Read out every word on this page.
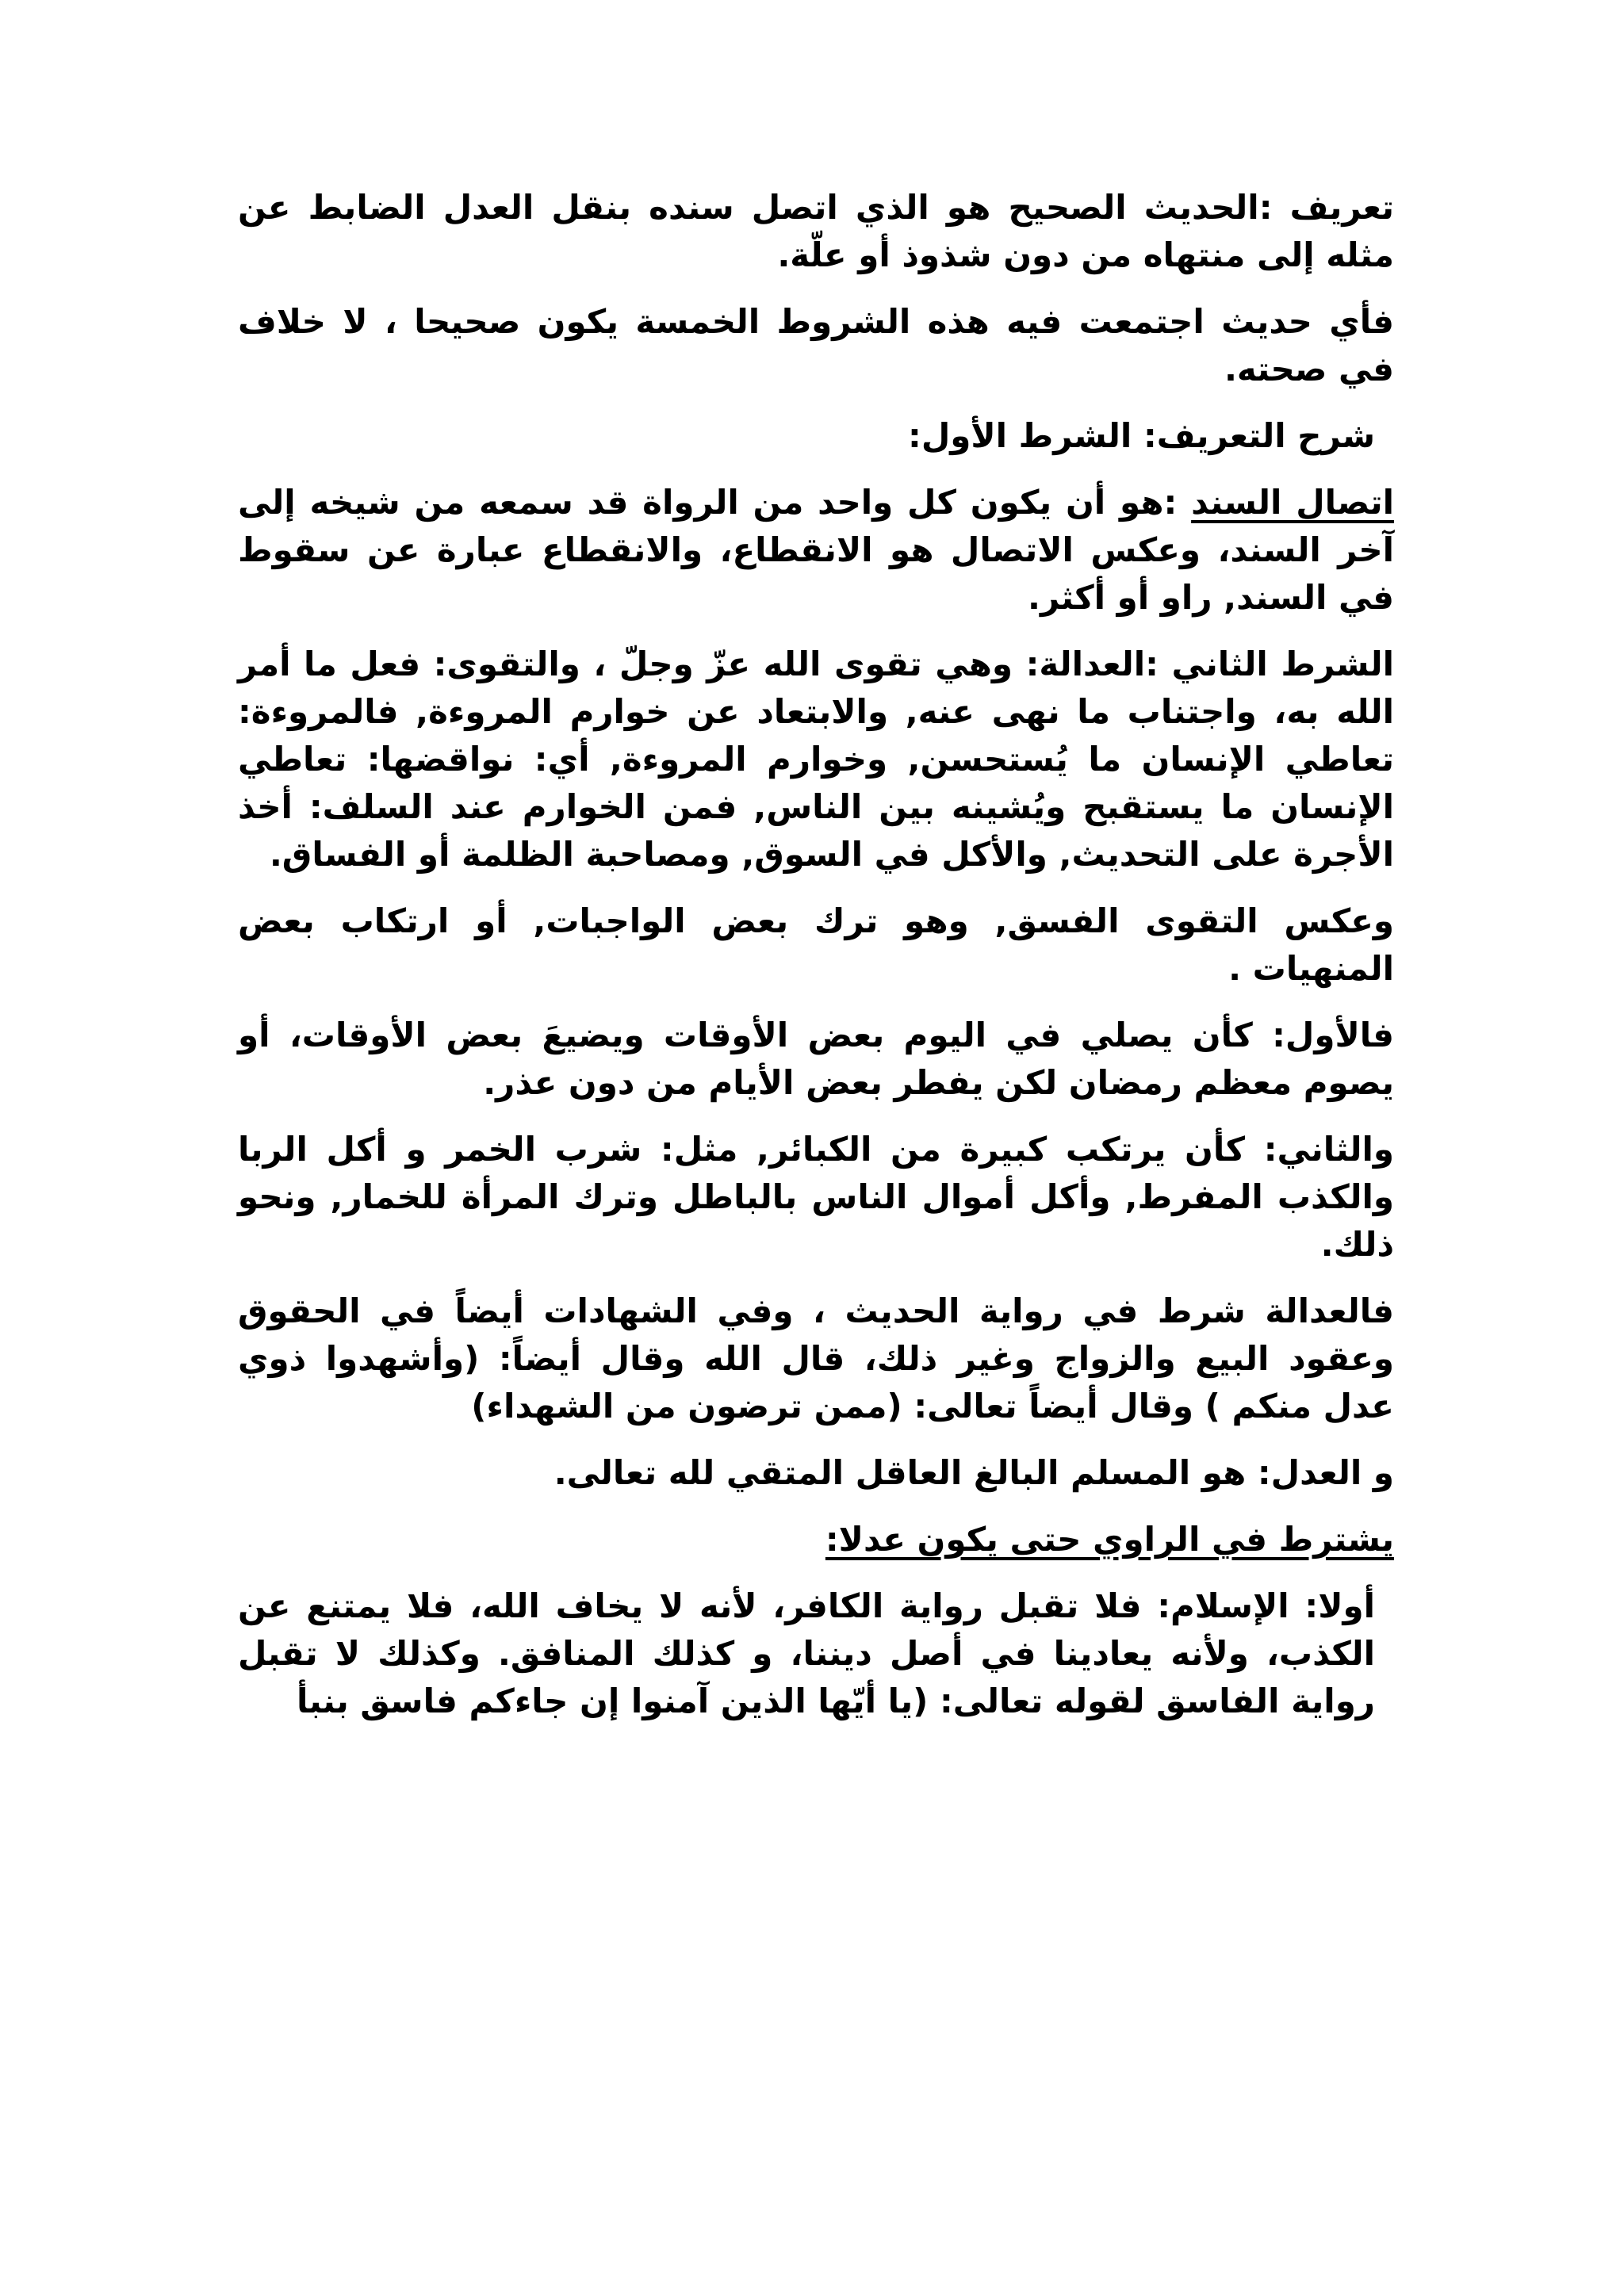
تعريف :الحديث الصحيح هو الذي اتصل سنده بنقل العدل الضابط عن مثله إلى منتهاه من دون شذوذ أو علّة.

فأي حديث اجتمعت فيه هذه الشروط الخمسة يكون صحيحا ، لا خلاف في صحته.

شرح التعريف: الشرط الأول:

اتصال السند :هو أن يكون كل واحد من الرواة قد سمعه من شيخه إلى آخر السند، وعكس الاتصال هو الانقطاع، والانقطاع عبارة عن سقوط في السند, راو أو أكثر.

الشرط الثاني :العدالة: وهي تقوى الله عزّ وجلّ ، والتقوى: فعل ما أمر الله به، واجتناب ما نهى عنه, والابتعاد عن خوارم المروءة, فالمروءة: تعاطي الإنسان ما يُستحسن, وخوارم المروءة, أي: نواقضها: تعاطي الإنسان ما يستقبح ويُشينه بين الناس, فمن الخوارم عند السلف: أخذ الأجرة على التحديث, والأكل في السوق, ومصاحبة الظلمة أو الفساق.

وعكس التقوى الفسق, وهو ترك بعض الواجبات, أو ارتكاب بعض المنهيات .

فالأول: كأن يصلي في اليوم بعض الأوقات ويضيعَ بعض الأوقات، أو يصوم معظم رمضان لكن يفطر بعض الأيام من دون عذر.

والثاني: كأن يرتكب كبيرة من الكبائر, مثل: شرب الخمر و أكل الربا والكذب المفرط, وأكل أموال الناس بالباطل وترك المرأة للخمار, ونحو ذلك.

فالعدالة شرط في رواية الحديث ، وفي الشهادات أيضاً في الحقوق وعقود البيع والزواج وغير ذلك، قال الله وقال أيضاً: (وأشهدوا ذوي عدل منكم ) وقال أيضاً تعالى: (ممن ترضون من الشهداء)

و العدل: هو المسلم البالغ العاقل المتقي لله تعالى.

يشترط في الراوي حتى يكون عدلا:

أولا: الإسلام: فلا تقبل رواية الكافر، لأنه لا يخاف الله، فلا يمتنع عن الكذب، ولأنه يعادينا في أصل ديننا، و كذلك المنافق. وكذلك لا تقبل رواية الفاسق لقوله تعالى: (يا أيّها الذين آمنوا إن جاءكم فاسق بنبأ
